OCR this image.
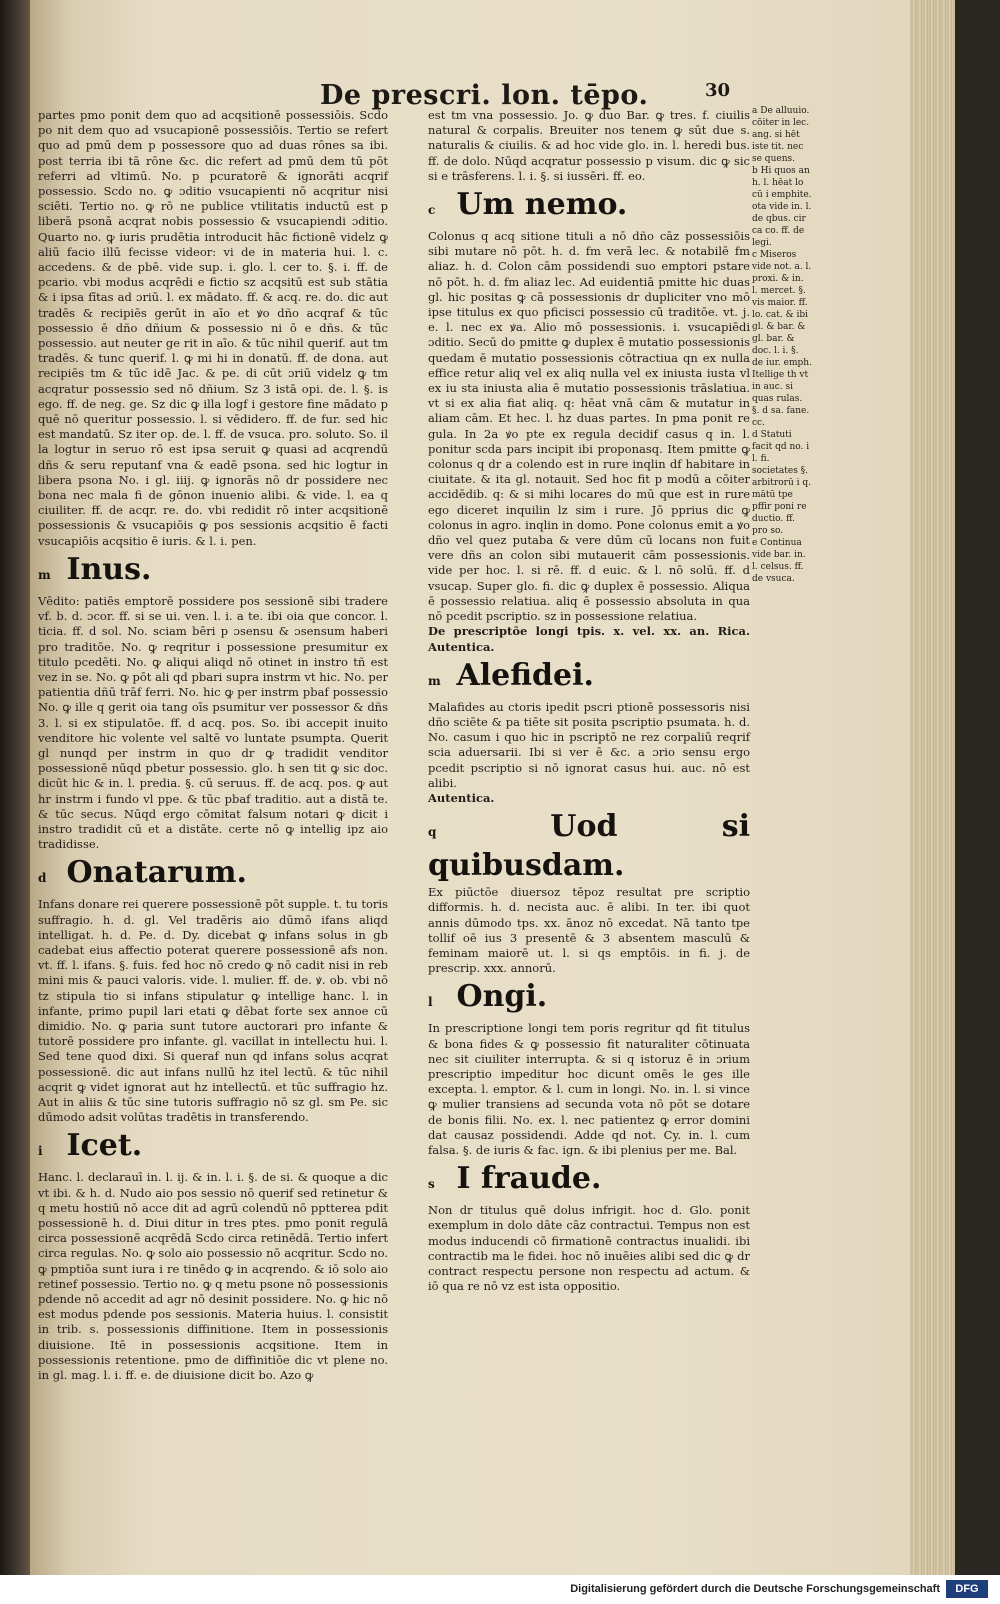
De prescri. lon. tēpo.	30

partes pmo ponit dem quo ad acqsitionē possessiōis. Scdo po nit dem quo ad vsucapionē possessiōis. Tertio se refert quo ad pmū dem p possessore quo ad duas rōnes sa ibi. post terria ibi tā rōne &c. dic refert ad pmū dem tū pōt referri ad vltimū. No. p pcuratorē & ignorāti acqrif possessio. Scdo no. ꝙ ɔditio vsucapienti nō acqritur nisi sciēti. Tertio no. ꝙ rō ne publice vtilitatis inductū est p liberā psonā acqrat nobis possessio & vsucapiendi ɔditio. Quarto no. ꝙ iuris prudētia introducit hāc fictionē videlz ꝙ aliū facio illū fecisse videor: vi de in materia hui. l. c. accedens. & de pbē. vide sup. i. glo. l. cer to. §. i. ff. de pcario. vbi modus acqrēdi e fictio sz acqsitū est sub stātia & i ipsa fītas ad ɔriū. l. ex mādato. ff. & acq. re. do. dic aut tradēs & recipiēs gerūt in aīo et ꝟo dño acqraf & tūc possessio ē dño dñium & possessio ni ō e dñs. & tūc possessio. aut neuter ge rit in aīo. & tūc nihil querif. aut tm tradēs. & tunc querif. l. ꝙ mi hi in donatū. ff. de dona. aut recipiēs tm & tūc idē Jac. & pe. di cūt ɔriū videlz ꝙ tm acqratur possessio sed nō dñium. Sz 3 istā opi. de. l. §. is ego. ff. de neg. ge. Sz dic ꝙ illa logf i gestore fine mādato p quē nō queritur possessio. l. si vēdidero. ff. de fur. sed hic est mandatū. Sz iter op. de. l. ff. de vsuca. pro. soluto. So. il la logtur in seruo rō est ipsa seruit ꝙ quasi ad acqrendū dñs & seru reputanf vna & eadē psona. sed hic logtur in libera psona No. i gl. iiij. ꝙ ignorās nō dr possidere nec bona nec mala fi de gōnon inuenio alibi. & vide. l. ea q ciuiliter. ff. de acqr. re. do. vbi redidit rō inter acqsitionē possessionis & vsucapiōis ꝙ pos sessionis acqsitio ē facti vsucapiōis acqsitio ē iuris. & l. i. pen.

m Inus.

Vēdito: patiēs emptorē possidere pos sessionē sibi tradere vf. b. d. ɔcor. ff. si se ui. ven. l. i. a te. ibi oia que concor. l. ticia. ff. d sol. No. sciam bēri p ɔsensu & ɔsensum haberi pro traditōe. No. ꝙ reqritur i possessione presumitur ex titulo pcedēti. No. ꝙ aliqui aliqd nō otinet in instro tñ est vez in se. No. ꝙ pōt ali qd pbari supra instrm vt hic. No. per patientia dñū trāf ferri. No. hic ꝙ per instrm pbaf possessio No. ꝙ ille q gerit oia tang oīs psumitur ver possessor & dñs 3. l. si ex stipulatōe. ff. d acq. pos. So. ibi accepit inuito venditore hic volente vel saltē vo luntate psumpta. Querit gl nunqd per instrm in quo dr ꝙ tradidit venditor possessionē nūqd pbetur possessio. glo. h sen tit ꝙ sic doc. dicūt hic & in. l. predia. §. cū seruus. ff. de acq. pos. ꝙ aut hr instrm i fundo vl ppe. & tūc pbaf traditio. aut a distā te. & tūc secus. Nūqd ergo cōmitat falsum notari ꝙ dicit i instro tradidit cū et a distāte. certe nō ꝙ intellig ipz aio tradidisse.

d Onatarum.

Infans donare rei querere possessionē pōt supple. t. tu toris suffragio. h. d. gl. Vel tradēris aio dūmō ifans aliqd intelligat. h. d. Pe. d. Dy. dicebat ꝙ infans solus in gb cadebat eius affectio poterat querere possessionē afs non. vt. ff. l. ifans. §. fuis. fed hoc nō credo ꝙ nō cadit nisi in reb mini mis & pauci valoris. vide. l. mulier. ff. de. ꝟ. ob. vbi nō tz stipula tio si infans stipulatur ꝙ intellige hanc. l. in infante, primo pupil lari etati ꝙ dēbat forte sex annoe cū dimidio. No. ꝙ paria sunt tutore auctorari pro infante & tutorē possidere pro infante. gl. vacillat in intellectu hui. l. Sed tene quod dixi. Si queraf nun qd infans solus acqrat possessionē. dic aut infans nullū hz itel lectū. & tūc nihil acqrit ꝙ videt ignorat aut hz intellectū. et tūc suffragio hz. Aut in aliis & tūc sine tutoris suffragio nō sz gl. sm Pe. sic dūmodo adsit volūtas tradētis in transferendo.

i Icet.

Hanc. l. declarauī in. l. ij. & in. l. i. §. de si. & quoque a dic vt ibi. & h. d. Nudo aio pos sessio nō querif sed retinetur & q metu hostiū nō acce dit ad agrū colendū nō pptterea pdit possessionē h. d. Diui ditur in tres ptes. pmo ponit regulā circa possessionē acqrēdā Scdo circa retinēdā. Tertio infert circa regulas. No. ꝙ solo aio possessio nō acqritur. Scdo no. ꝙ pmptiōa sunt iura i re tinēdo ꝙ in acqrendo. & iō solo aio retinef possessio. Tertio no. ꝙ q metu psone nō possessionis pdende nō accedit ad agr nō desinit possidere. No. ꝙ hic nō est modus pdende pos sessionis. Materia huius. l. consistit in trib. s. possessionis diffinitione. Item in possessionis diuisione. Itē in possessionis acqsitione. Item in possessionis retentione. pmo de diffinitiōe dic vt plene no. in gl. mag. l. i. ff. e. de diuisione dicit bo. Azo ꝙ

est tm vna possessio. Jo. ꝙ duo Bar. ꝙ tres. f. ciuilis natural & corpalis. Breuiter nos tenem ꝙ sūt due s. naturalis & ciuilis. & ad hoc vide glo. in. l. heredi bus. ff. de dolo. Nūqd acqratur possessio p visum. dic ꝙ sic si e trāsferens. l. i. §. si iussēri. ff. eo.

c Um nemo.

Colonus q acq sitione tituli a nō dño cāz possessiōis sibi mutare nō pōt. h. d. fm verā lec. & notabilē fm aliaz. h. d. Colon cām possidendi suo emptori pstare nō pōt. h. d. fm aliaz lec. Ad euidentiā pmitte hic duas gl. hic positas ꝙ cā possessionis dr dupliciter vno mō ipse titulus ex quo pficisci possessio cū traditōe. vt. j. e. l. nec ex ꝟa. Alio mō possessionis. i. vsucapiēdi ɔditio. Secū do pmitte ꝙ duplex ē mutatio possessionis quedam ē mutatio possessionis cōtractiua qn ex nulla effice retur aliq vel ex aliq nulla vel ex iniusta iusta vl ex iu sta iniusta alia ē mutatio possessionis trāslatiua. vt si ex alia fiat aliq. q: hēat vnā cām & mutatur in aliam cām. Et hec. l. hz duas partes. In pma ponit re gula. In 2a ꝟo pte ex regula decidif casus q in. l. ponitur scda pars incipit ibi proponasq. Item pmitte ꝙ colonus q dr a colendo est in rure inqlin df habitare in ciuitate. & ita gl. notauit. Sed hoc fit p modū a cōiter accidēdib. q: & si mihi locares do mū que est in rure ego diceret inquilin lz sim i rure. Jō pprius dic ꝙ colonus in agro. inqlin in domo. Pone colonus emit a ꝟo dño vel quez putaba & vere dūm cū locans non fuit vere dñs an colon sibi mutauerit cām possessionis. vide per hoc. l. si rē. ff. d euic. & l. nō solū. ff. d vsucap. Super glo. fi. dic ꝙ duplex ē possessio. Aliqua ē possessio relatiua. aliq ē possessio absoluta in qua nō pcedit pscriptio. sz in possessione relatiua.

De prescriptōe longi tpis. x. vel. xx. an. Rica. Autentica.

m Alefidei.

Malafides au ctoris ipedit pscri ptionē possessoris nisi dño sciēte & pa tiēte sit posita pscriptio psumata. h. d. No. casum i quo hic in pscriptō ne rez corpaliū reqrif scia aduersarii. Ibi si ver ē &c. a ɔrio sensu ergo pcedit pscriptio si nō ignorat casus hui. auc. nō est alibi.

Autentica.

q	Uod si quibusdam.

Ex piūctōe diuersoz tēpoz resultat pre scriptio difformis. h. d. necista auc. ē alibi. In ter. ibi quot annis dūmodo tps. xx. ānoz nō excedat. Nā tanto tpe tollif oē ius 3 presentē & 3 absentem masculū & feminam maiorē ut. l. si qs emptōis. in fi. j. de prescrip. xxx. annorū.

l Ongi.

In prescriptione longi tem poris regritur qd fit titulus & bona fides & ꝙ possessio fit naturaliter cōtinuata nec sit ciuiliter interrupta. & si q istoruz ē in ɔrium prescriptio impeditur hoc dicunt omēs le ges ille excepta. l. emptor. & l. cum in longi. No. in. l. si vince ꝙ mulier transiens ad secunda vota nō pōt se dotare de bonis filii. No. ex. l. nec patientez ꝙ error domini dat causaz possidendi. Adde qd not. Cy. in. l. cum falsa. §. de iuris & fac. ign. & ibi plenius per me. Bal.

s I fraude.

Non dr titulus quē dolus infrigit. hoc d. Glo. ponit exemplum in dolo dāte cāz contractui. Tempus non est modus inducendi cō firmationē contractus inualidi. ibi contractib ma le fidei. hoc nō inuēies alibi sed dic ꝙ dr contract respectu persone non respectu ad actum. & iō qua re nō vz est ista oppositio.

a De alluuio. cōiter in lec. ang. si hēt iste tit. nec se quens.

b Hi quos an h. l. hēat lo cū i emphite. ota vide in. l. de qbus. cir ca co. ff. de legi.

c Miseros vide not. a. l. proxi. & in. l. mercet. §. vis maior. ff. lo. cat. & ibi gl. & bar. & gl. bar. & doc. l. i. §. de iur. emph. Itellige th vt in auc. si quas rulas. §. d sa. fane. cc.

d Statuti facit qd no. i l. fi. societates §. arbitrorū i q. mātū tpe pffir poni re ductio. ff. pro so.

e Continua vide bar. in. l. celsus. ff. de vsuca.

Digitalisierung gefördert durch die Deutsche Forschungsgemeinschaft	DFG
